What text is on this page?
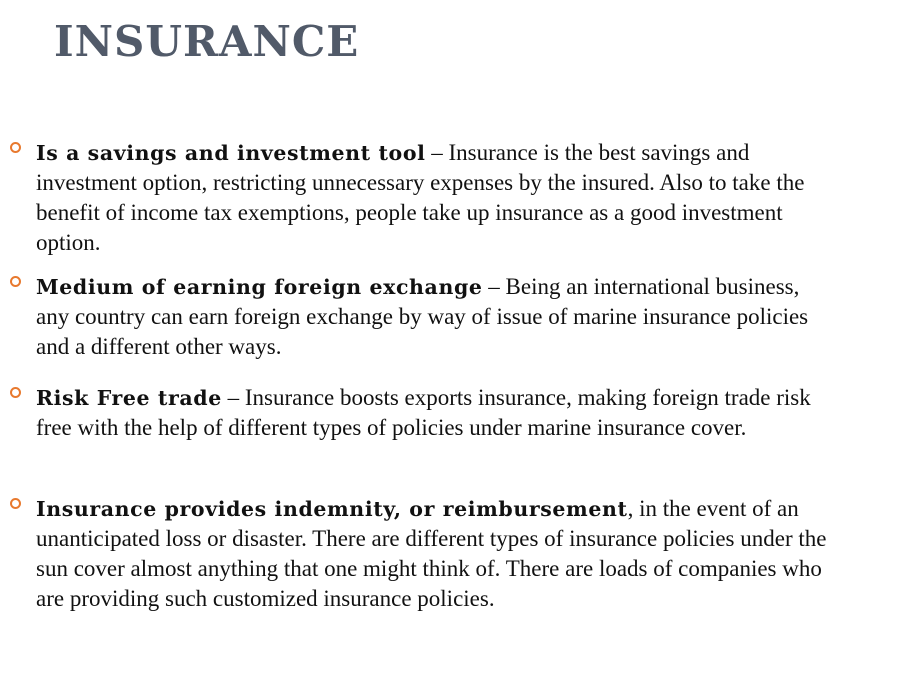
INSURANCE
Is a savings and investment tool – Insurance is the best savings and investment option, restricting unnecessary expenses by the insured. Also to take the benefit of income tax exemptions, people take up insurance as a good investment option.
Medium of earning foreign exchange – Being an international business, any country can earn foreign exchange by way of issue of marine insurance policies and a different other ways.
Risk Free trade – Insurance boosts exports insurance, making foreign trade risk free with the help of different types of policies under marine insurance cover.
Insurance provides indemnity, or reimbursement, in the event of an unanticipated loss or disaster. There are different types of insurance policies under the sun cover almost anything that one might think of. There are loads of companies who are providing such customized insurance policies.
